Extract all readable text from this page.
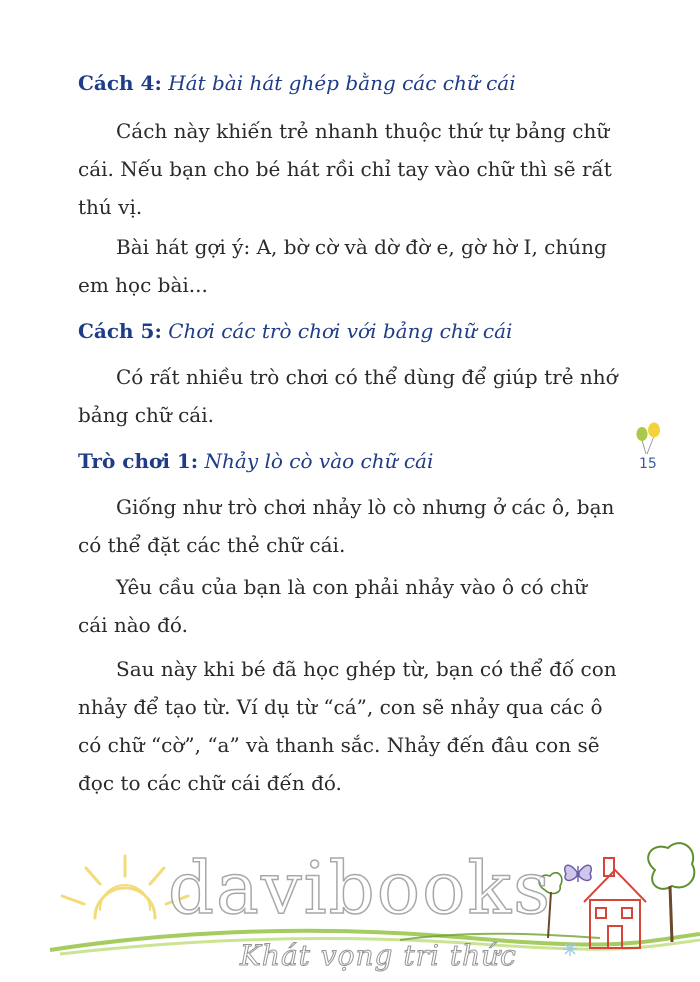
Cách 4: Hát bài hát ghép bằng các chữ cái
Cách này khiến trẻ nhanh thuộc thứ tự bảng chữ cái. Nếu bạn cho bé hát rồi chỉ tay vào chữ thì sẽ rất thú vị.
Bài hát gợi ý: A, bờ cờ và dờ đờ e, gờ hờ I, chúng em học bài...
Cách 5: Chơi các trò chơi với bảng chữ cái
Có rất nhiều trò chơi có thể dùng để giúp trẻ nhớ bảng chữ cái.
Trò chơi 1: Nhảy lò cò vào chữ cái
Giống như trò chơi nhảy lò cò nhưng ở các ô, bạn có thể đặt các thẻ chữ cái.
Yêu cầu của bạn là con phải nhảy vào ô có chữ cái nào đó.
Sau này khi bé đã học ghép từ, bạn có thể đố con nhảy để tạo từ. Ví dụ từ “cá”, con sẽ nhảy qua các ô có chữ “cờ”, “a” và thanh sắc. Nhảy đến đâu con sẽ đọc to các chữ cái đến đó.
15
davibooks
Khát vọng tri thức
